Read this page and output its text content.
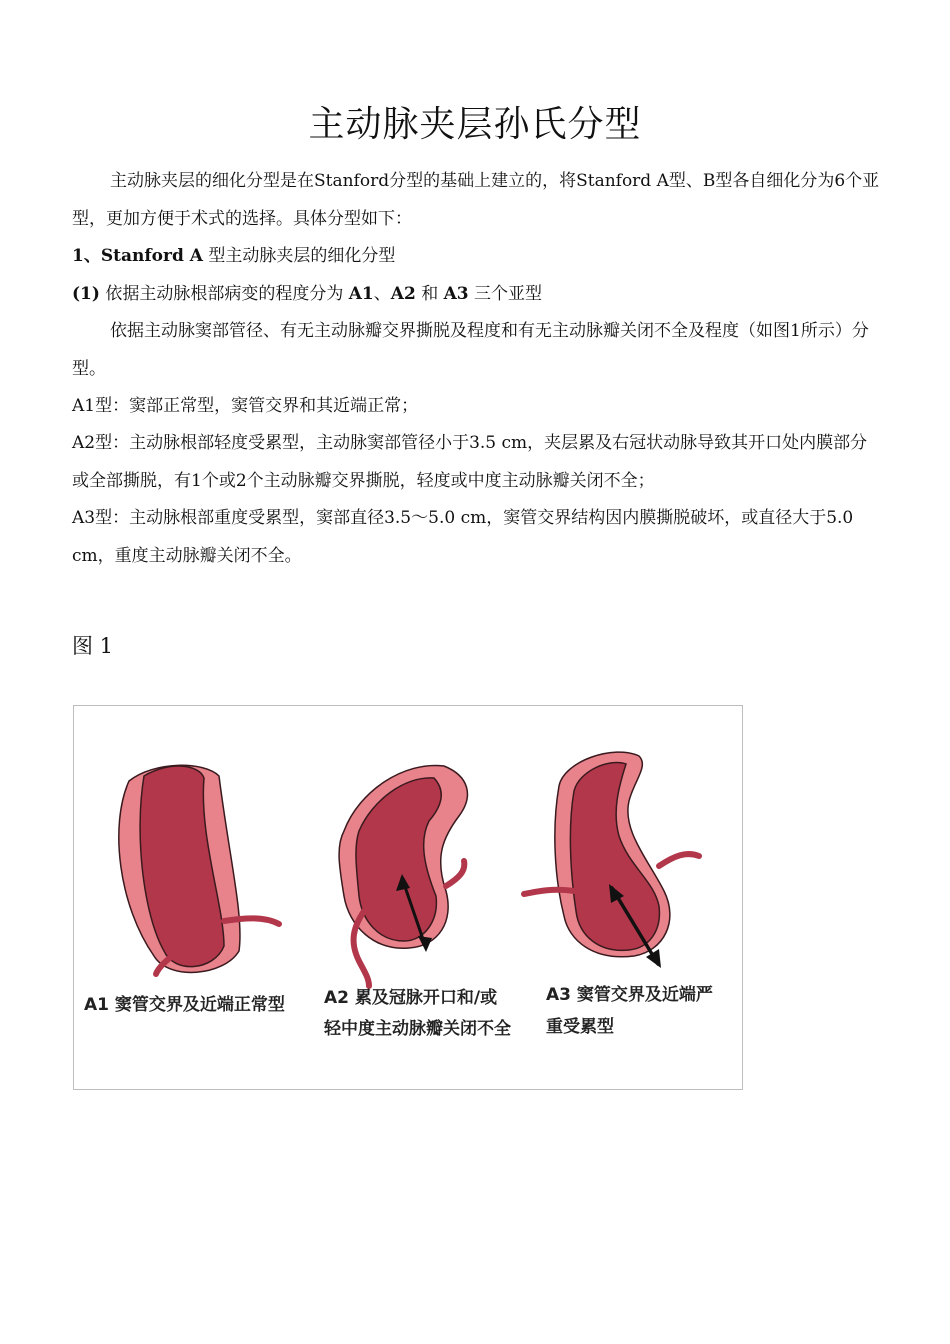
主动脉夹层孙氏分型

主动脉夹层的细化分型是在Stanford分型的基础上建立的，将Stanford A型、B型各自细化分为6个亚型，更加方便于术式的选择。具体分型如下：

1、Stanford A 型主动脉夹层的细化分型

(1) 依据主动脉根部病变的程度分为 A1、A2 和 A3 三个亚型

依据主动脉窦部管径、有无主动脉瓣交界撕脱及程度和有无主动脉瓣关闭不全及程度（如图1所示）分型。

A1型：窦部正常型，窦管交界和其近端正常；

A2型：主动脉根部轻度受累型，主动脉窦部管径小于3.5 cm，夹层累及右冠状动脉导致其开口处内膜部分或全部撕脱，有1个或2个主动脉瓣交界撕脱，轻度或中度主动脉瓣关闭不全；

A3型：主动脉根部重度受累型，窦部直径3.5～5.0 cm，窦管交界结构因内膜撕脱破坏，或直径大于5.0 cm，重度主动脉瓣关闭不全。

图 1

A1 窦管交界及近端正常型 A2 累及冠脉开口和/或

轻中度主动脉瓣关闭不全

A3 窦管交界及近端严

重受累型
